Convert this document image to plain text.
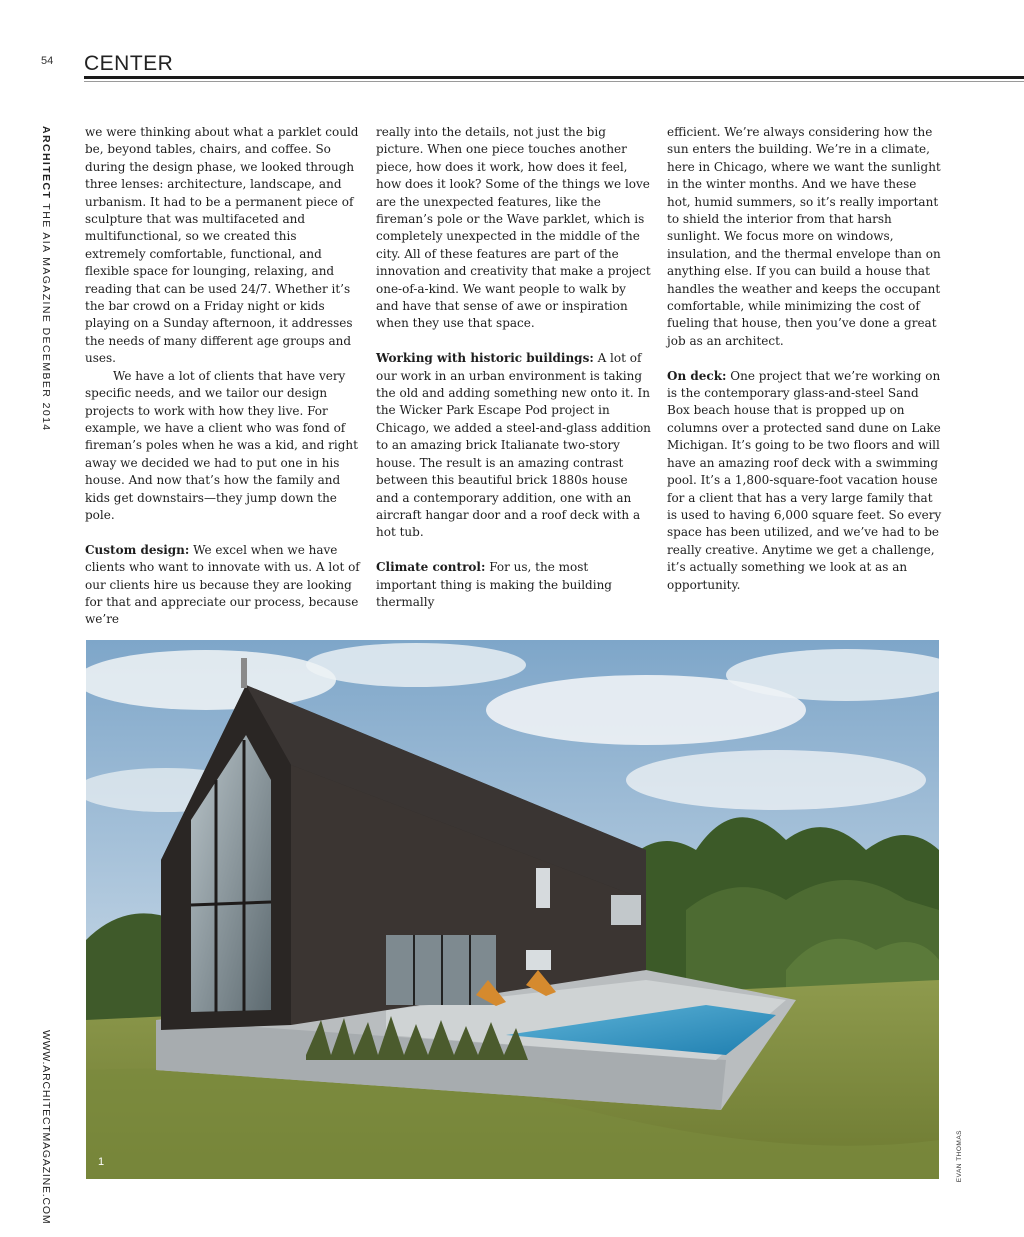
54 CENTER
ARCHITECT THE AIA MAGAZINE DECEMBER 2014
WWW.ARCHITECTMAGAZINE.COM

we were thinking about what a parklet could be, beyond tables, chairs, and coffee. So during the design phase, we looked through three lenses: architecture, landscape, and urbanism. It had to be a permanent piece of sculpture that was multifaceted and multifunctional, so we created this extremely comfortable, functional, and flexible space for lounging, relaxing, and reading that can be used 24/7. Whether it’s the bar crowd on a Friday night or kids playing on a Sunday afternoon, it addresses the needs of many different age groups and uses.

We have a lot of clients that have very specific needs, and we tailor our design projects to work with how they live. For example, we have a client who was fond of fireman’s poles when he was a kid, and right away we decided we had to put one in his house. And now that’s how the family and kids get downstairs—they jump down the pole.

Custom design: We excel when we have clients who want to innovate with us. A lot of our clients hire us because they are looking for that and appreciate our process, because we’re

really into the details, not just the big picture. When one piece touches another piece, how does it work, how does it feel, how does it look? Some of the things we love are the unexpected features, like the fireman’s pole or the Wave parklet, which is completely unexpected in the middle of the city. All of these features are part of the innovation and creativity that make a project one-of-a-kind. We want people to walk by and have that sense of awe or inspiration when they use that space.

Working with historic buildings: A lot of our work in an urban environment is taking the old and adding something new onto it. In the Wicker Park Escape Pod project in Chicago, we added a steel-and-glass addition to an amazing brick Italianate two-story house. The result is an amazing contrast between this beautiful brick 1880s house and a contemporary addition, one with an aircraft hangar door and a roof deck with a hot tub.

Climate control: For us, the most important thing is making the building thermally

efficient. We’re always considering how the sun enters the building. We’re in a climate, here in Chicago, where we want the sunlight in the winter months. And we have these hot, humid summers, so it’s really important to shield the interior from that harsh sunlight. We focus more on windows, insulation, and the thermal envelope than on anything else. If you can build a house that handles the weather and keeps the occupant comfortable, while minimizing the cost of fueling that house, then you’ve done a great job as an architect.

On deck: One project that we’re working on is the contemporary glass-and-steel Sand Box beach house that is propped up on columns over a protected sand dune on Lake Michigan. It’s going to be two floors and will have an amazing roof deck with a swimming pool. It’s a 1,800-square-foot vacation house for a client that has a very large family that is used to having 6,000 square feet. So every space has been utilized, and we’ve had to be really creative. Anytime we get a challenge, it’s actually something we look at as an opportunity.

1	EVAN THOMAS
